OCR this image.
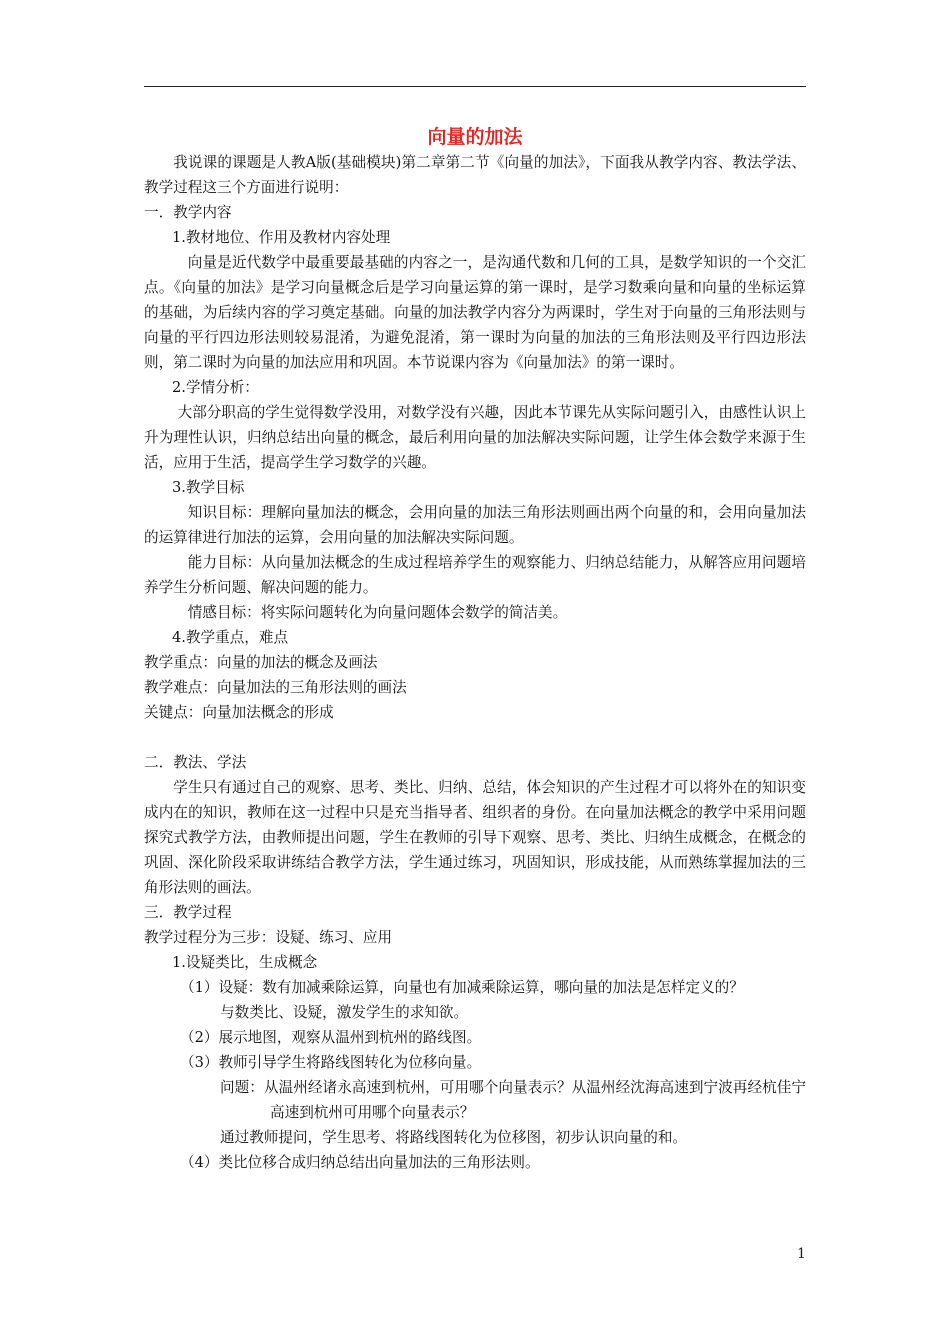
向量的加法

我说课的课题是人教A版(基础模块)第二章第二节《向量的加法》，下面我从教学内容、教法学法、教学过程这三个方面进行说明：

一．教学内容

1.教材地位、作用及教材内容处理

向量是近代数学中最重要最基础的内容之一，是沟通代数和几何的工具，是数学知识的一个交汇点。《向量的加法》是学习向量概念后是学习向量运算的第一课时，是学习数乘向量和向量的坐标运算的基础，为后续内容的学习奠定基础。向量的加法教学内容分为两课时，学生对于向量的三角形法则与向量的平行四边形法则较易混淆，为避免混淆，第一课时为向量的加法的三角形法则及平行四边形法则，第二课时为向量的加法应用和巩固。本节说课内容为《向量加法》的第一课时。

2.学情分析：

大部分职高的学生觉得数学没用，对数学没有兴趣，因此本节课先从实际问题引入，由感性认识上升为理性认识，归纳总结出向量的概念，最后利用向量的加法解决实际问题，让学生体会数学来源于生活，应用于生活，提高学生学习数学的兴趣。

3.教学目标

知识目标：理解向量加法的概念，会用向量的加法三角形法则画出两个向量的和，会用向量加法的运算律进行加法的运算，会用向量的加法解决实际问题。

能力目标：从向量加法概念的生成过程培养学生的观察能力、归纳总结能力，从解答应用问题培养学生分析问题、解决问题的能力。

情感目标：将实际问题转化为向量问题体会数学的简洁美。

4.教学重点，难点

教学重点：向量的加法的概念及画法

教学难点：向量加法的三角形法则的画法

关键点：向量加法概念的形成

二．教法、学法

学生只有通过自己的观察、思考、类比、归纳、总结，体会知识的产生过程才可以将外在的知识变成内在的知识，教师在这一过程中只是充当指导者、组织者的身份。在向量加法概念的教学中采用问题探究式教学方法，由教师提出问题，学生在教师的引导下观察、思考、类比、归纳生成概念，在概念的巩固、深化阶段采取讲练结合教学方法，学生通过练习，巩固知识，形成技能，从而熟练掌握加法的三角形法则的画法。

三．教学过程

教学过程分为三步：设疑、练习、应用

1.设疑类比，生成概念

（1）设疑：数有加减乘除运算，向量也有加减乘除运算，哪向量的加法是怎样定义的？

与数类比、设疑，激发学生的求知欲。

（2）展示地图，观察从温州到杭州的路线图。

（3）教师引导学生将路线图转化为位移向量。

问题：从温州经诸永高速到杭州，可用哪个向量表示？从温州经沈海高速到宁波再经杭佳宁高速到杭州可用哪个向量表示？

通过教师提问，学生思考、将路线图转化为位移图，初步认识向量的和。

（4）类比位移合成归纳总结出向量加法的三角形法则。

1
